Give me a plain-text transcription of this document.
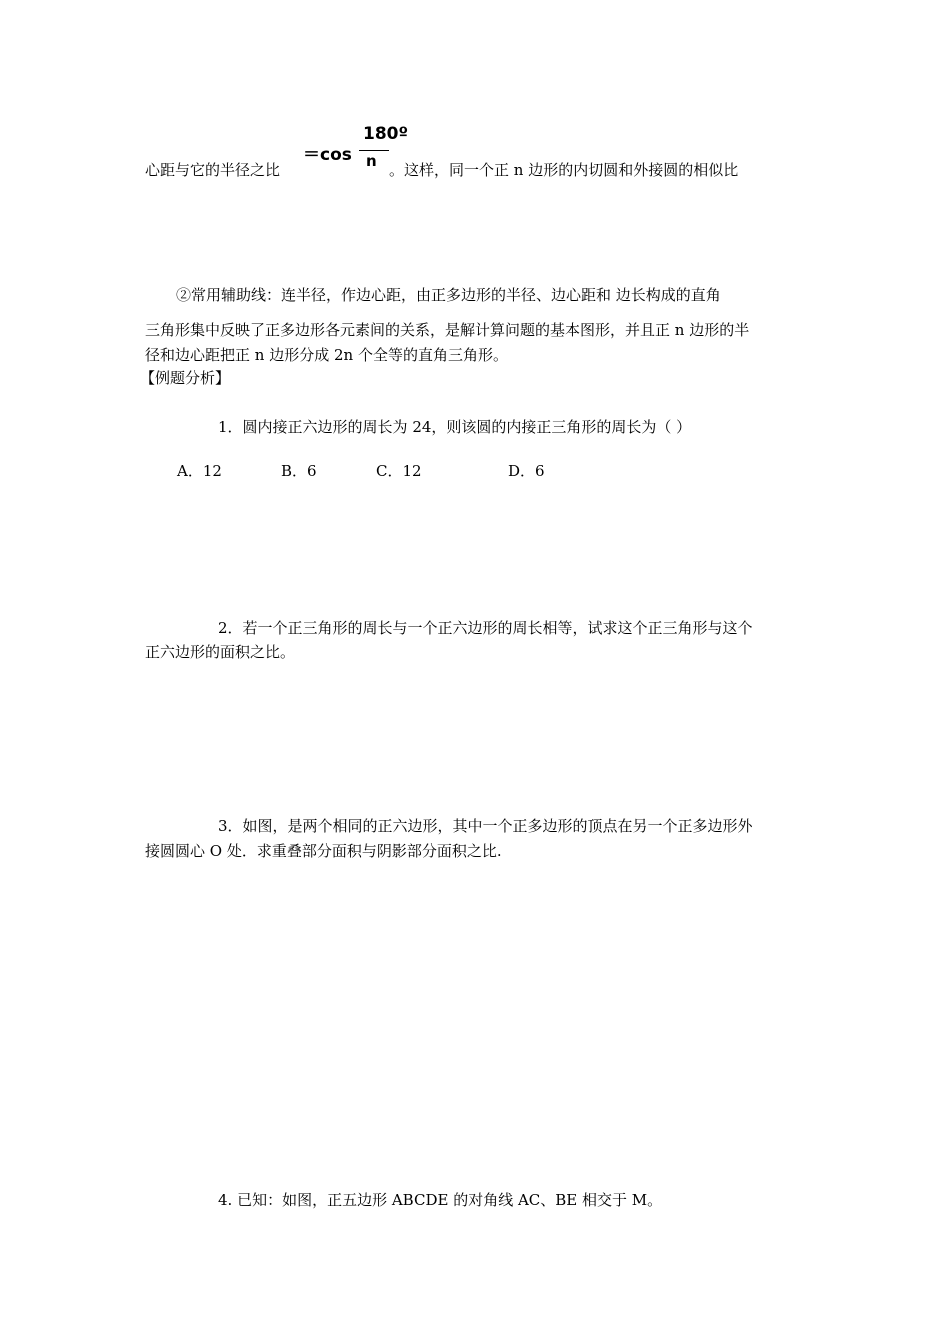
心距与它的半径之比
＝cos
180º
n 。这样，同一个正 n 边形的内切圆和外接圆的相似比
②常用辅助线：连半径，作边心距，由正多边形的半径、边心距和 边长构成的直角
三角形集中反映了正多边形各元素间的关系，是解计算问题的基本图形，并且正 n 边形的半
径和边心距把正 n 边形分成 2n 个全等的直角三角形。
【例题分析】
1．圆内接正六边形的周长为 24，则该圆的内接正三角形的周长为（ ）
A．12	B．6	C．12	D．6
2．若一个正三角形的周长与一个正六边形的周长相等，试求这个正三角形与这个
正六边形的面积之比。
3．如图，是两个相同的正六边形，其中一个正多边形的顶点在另一个正多边形外
接圆圆心 O 处．求重叠部分面积与阴影部分面积之比.
4. 已知：如图，正五边形 ABCDE 的对角线 AC、BE 相交于 M。
